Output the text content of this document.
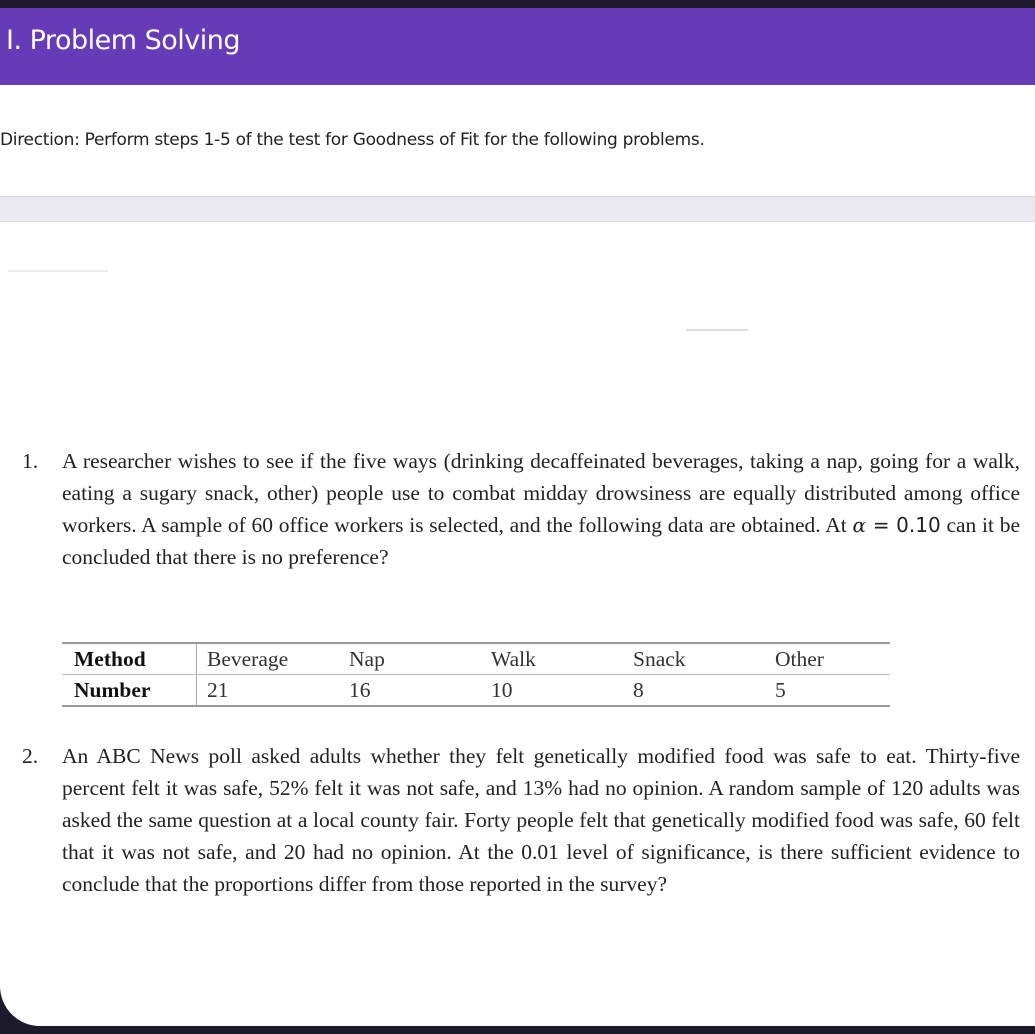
I. Problem Solving
Direction: Perform steps 1-5 of the test for Goodness of Fit for the following problems.
1. A researcher wishes to see if the five ways (drinking decaffeinated beverages, taking a nap, going for a walk, eating a sugary snack, other) people use to combat midday drowsiness are equally distributed among office workers. A sample of 60 office workers is selected, and the following data are obtained. At α = 0.10 can it be concluded that there is no preference?
Method	Beverage	Nap	Walk	Snack	Other
Number	21	16	10	8	5
2. An ABC News poll asked adults whether they felt genetically modified food was safe to eat. Thirty-five percent felt it was safe, 52% felt it was not safe, and 13% had no opinion. A random sample of 120 adults was asked the same question at a local county fair. Forty people felt that genetically modified food was safe, 60 felt that it was not safe, and 20 had no opinion. At the 0.01 level of significance, is there sufficient evidence to conclude that the proportions differ from those reported in the survey?
